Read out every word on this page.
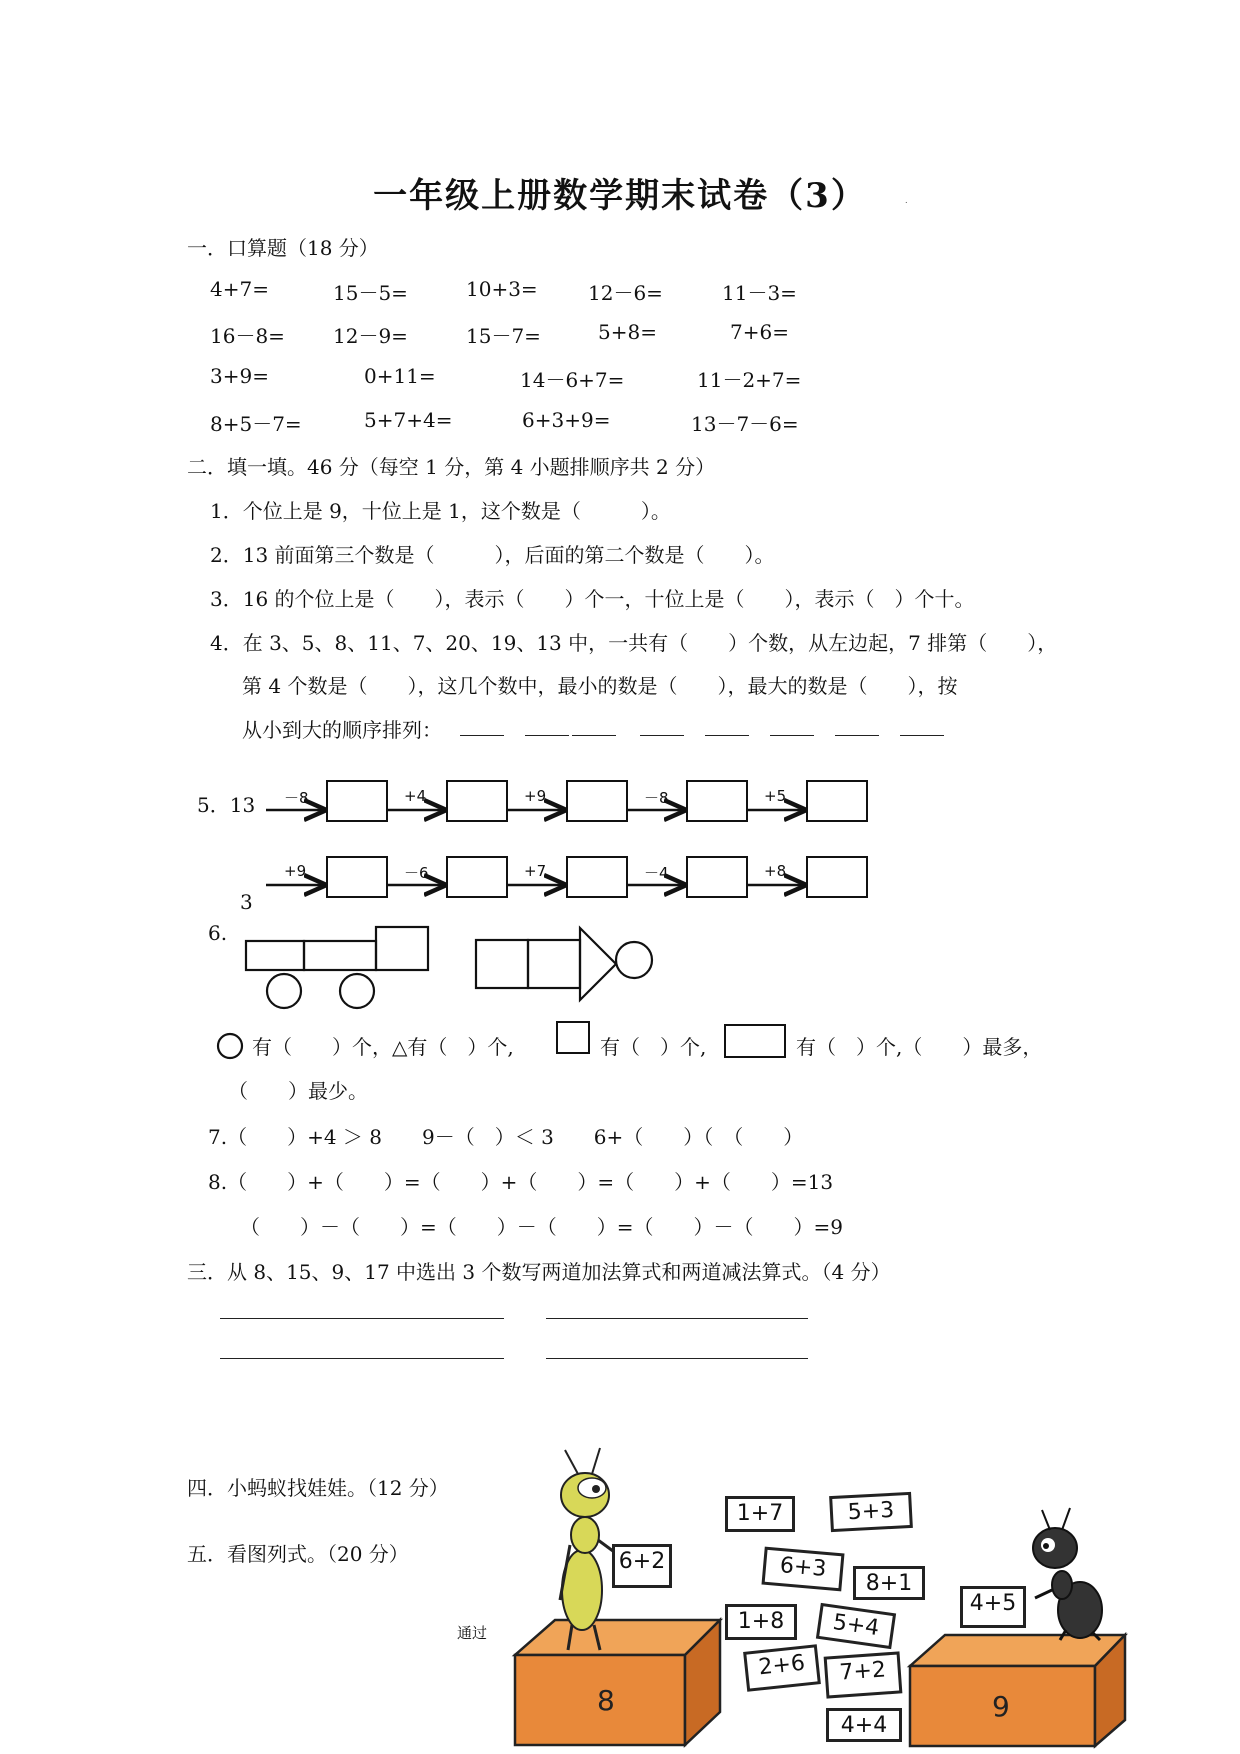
一年级上册数学期末试卷（3）	.
一．口算题（18 分）
4+7=	15－5=	10+3=	12－6=	11－3=
16－8= 12－9=	15－7=	5+8=	7+6=
3+9=	0+11=	14－6+7=	11－2+7=
8+5－7=	5+7+4=	6+3+9=	13－7－6=
二．填一填。46 分（每空 1 分，第 4 小题排顺序共 2 分）
1．个位上是 9，十位上是 1，这个数是（　　　）。
2．13 前面第三个数是（　　　），后面的第二个数是（　　）。
3．16 的个位上是（　　），表示（　　）个一，十位上是（　　），表示（　）个十。
4．在 3、5、8、11、7、20、19、13 中，一共有（　　）个数，从左边起，7 排第（　　），
第 4 个数是（　　），这几个数中，最小的数是（　　），最大的数是（　　），按
从小到大的顺序排列：
5．13
3
－8	+4	+9	－8	+5
+9	－6	+7	－4	+8
6.
有（　　）个，△有（　）个,	有（　）个,	有（　）个,（　　）最多，
（　　）最少。
7.（　　）+4 ＞ 8　　9－（　）＜ 3　　6+（　　）（　（　　）
8.（　　）+（　　）=（　　）+（　　）=（　　）+（　　）=13
（　　）－（　　）=（　　）－（　　）=（　　）－（　　）=9
三．从 8、15、9、17 中选出 3 个数写两道加法算式和两道减法算式。（4 分）
四．小蚂蚁找娃娃。（12 分）
五．看图列式。（20 分）
通过
1+7	5+3
6+2	6+3
8+1
4+5
1+8	5+4
2+6	7+2
4+4
8	9
